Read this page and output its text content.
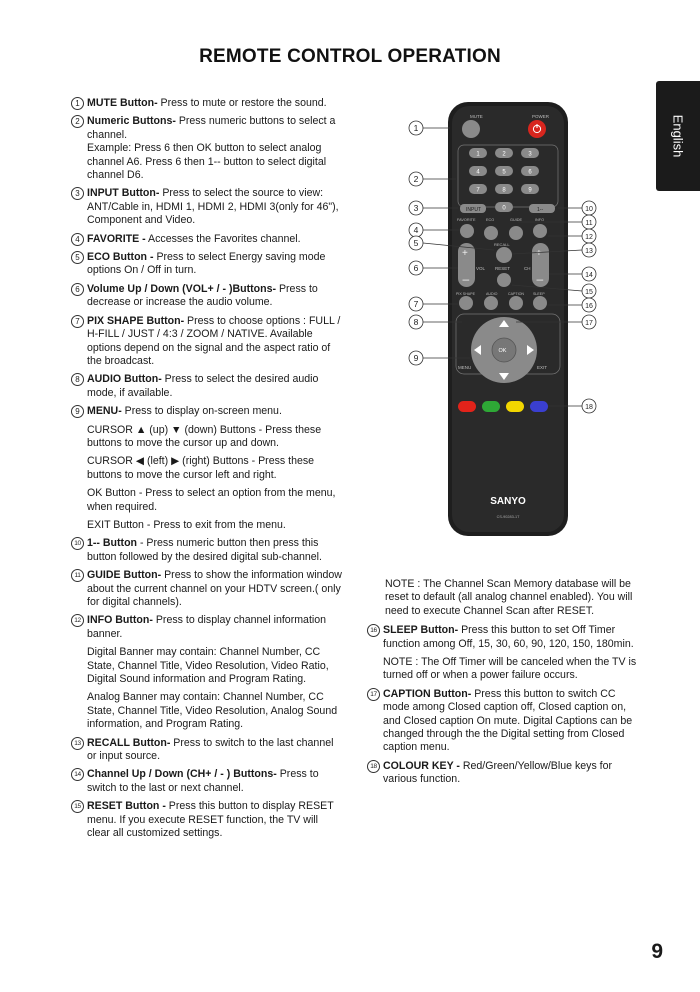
REMOTE CONTROL OPERATION
English
1 MUTE Button- Press to mute or restore the sound.
2 Numeric Buttons- Press numeric buttons to select a channel.
Example: Press 6 then OK button to select analog channel A6. Press 6 then 1-- button to select digital channel D6.
3 INPUT Button- Press to select the source to view: ANT/Cable in, HDMI 1, HDMI 2, HDMI 3(only for 46"), Component and Video.
4 FAVORITE - Accesses the Favorites channel.
5 ECO Button - Press to select Energy saving mode options On / Off in turn.
6 Volume Up / Down (VOL+ / - )Buttons- Press to decrease or increase the audio volume.
7 PIX SHAPE Button- Press to choose options : FULL / H-FILL / JUST / 4:3 / ZOOM / NATIVE. Available options depend on the signal and the aspect ratio of the broadcast.
8 AUDIO Button- Press to select the desired audio mode, if available.
9 MENU- Press to display on-screen menu.
CURSOR ▲ (up) ▼ (down) Buttons - Press these buttons to move the cursor up and down.
CURSOR ◀ (left) ▶ (right) Buttons - Press these buttons to move the cursor left and right.
OK Button - Press to select an option from the menu, when required.
EXIT Button - Press to exit from the menu.
10 1-- Button - Press numeric button then press this button followed by the desired digital sub-channel.
11 GUIDE Button- Press to show the information window about the current channel on your HDTV screen.( only for digital channels).
12 INFO Button- Press to display channel information banner.
Digital Banner may contain: Channel Number, CC State, Channel Title, Video Resolution, Video Ratio, Digital Sound information and Program Rating.
Analog Banner may contain: Channel Number, CC State, Channel Title, Video Resolution, Analog Sound information, and Program Rating.
13 RECALL Button- Press to switch to the last channel or input source.
14 Channel Up / Down (CH+ / - ) Buttons- Press to switch to the last or next channel.
15 RESET Button - Press this button to display RESET menu. If you execute RESET function, the TV will clear all customized settings.
NOTE : The Channel Scan Memory database will be reset to default (all analog channel enabled). You will need to execute Channel Scan after RESET.
16 SLEEP Button- Press this button to set Off Timer function among Off, 15, 30, 60, 90, 120, 150, 180min.
NOTE : The Off Timer will be canceled when the TV is turned off or when a power failure occurs.
17 CAPTION Button- Press this button to switch CC mode among Closed caption off, Closed caption on, and Closed caption On mute. Digital Captions can be changed through the the Digital setting from Closed caption menu.
18 COLOUR KEY - Red/Green/Yellow/Blue keys for various function.
MUTE	POWER
1	2	3
4	5	6
7	8	9
0
INPUT	1--
FAVORITE	ECO	GUIDE	INFO
RECALL
+
–
VOL
+
–
CH
RESET
PIX SHAPE	AUDIO	CAPTION	SLEEP
OK
MENU	EXIT
SANYO
CS-90283-1T
1
2
3
4
5
6
7
8
9
10
11
12
13
14
15
16
17
18
9
